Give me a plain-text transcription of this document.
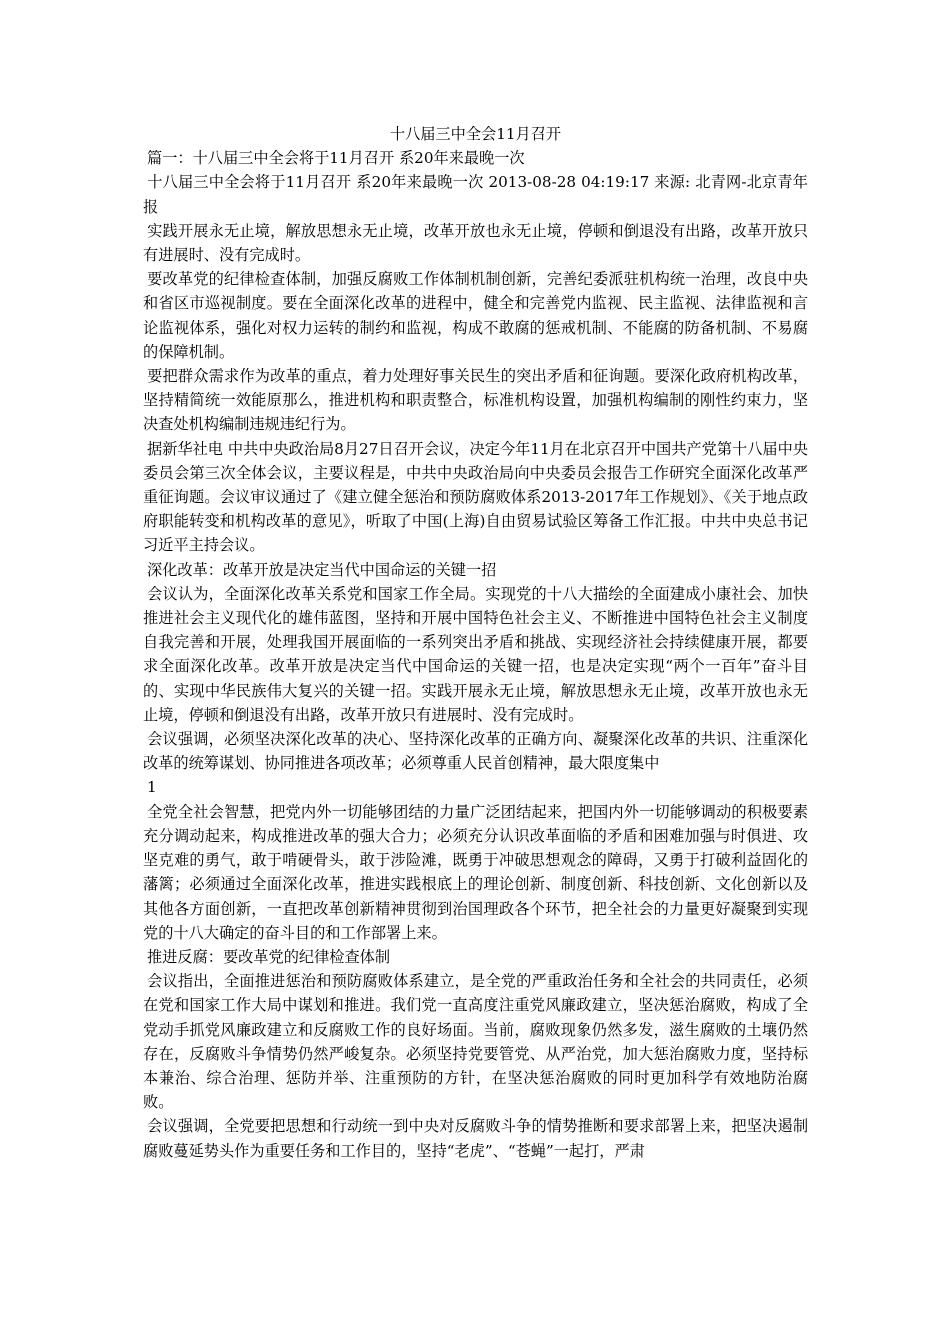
十八届三中全会11月召开

篇一：十八届三中全会将于11月召开 系20年来最晚一次

十八届三中全会将于11月召开 系20年来最晚一次 2013-08-28 04:19:17 来源: 北青网-北京青年报

实践开展永无止境，解放思想永无止境，改革开放也永无止境，停顿和倒退没有出路，改革开放只有进展时、没有完成时。

要改革党的纪律检查体制，加强反腐败工作体制机制创新，完善纪委派驻机构统一治理，改良中央和省区市巡视制度。要在全面深化改革的进程中，健全和完善党内监视、民主监视、法律监视和言论监视体系，强化对权力运转的制约和监视，构成不敢腐的惩戒机制、不能腐的防备机制、不易腐的保障机制。

要把群众需求作为改革的重点，着力处理好事关民生的突出矛盾和征询题。要深化政府机构改革，坚持精简统一效能原那么，推进机构和职责整合，标准机构设置，加强机构编制的刚性约束力，坚决查处机构编制违规违纪行为。

据新华社电 中共中央政治局8月27日召开会议，决定今年11月在北京召开中国共产党第十八届中央委员会第三次全体会议，主要议程是，中共中央政治局向中央委员会报告工作研究全面深化改革严重征询题。会议审议通过了《建立健全惩治和预防腐败体系2013-2017年工作规划》、《关于地点政府职能转变和机构改革的意见》，听取了中国(上海)自由贸易试验区筹备工作汇报。中共中央总书记习近平主持会议。

深化改革：改革开放是决定当代中国命运的关键一招

会议认为，全面深化改革关系党和国家工作全局。实现党的十八大描绘的全面建成小康社会、加快推进社会主义现代化的雄伟蓝图，坚持和开展中国特色社会主义、不断推进中国特色社会主义制度自我完善和开展，处理我国开展面临的一系列突出矛盾和挑战、实现经济社会持续健康开展，都要求全面深化改革。改革开放是决定当代中国命运的关键一招，也是决定实现“两个一百年”奋斗目的、实现中华民族伟大复兴的关键一招。实践开展永无止境，解放思想永无止境，改革开放也永无止境，停顿和倒退没有出路，改革开放只有进展时、没有完成时。

会议强调，必须坚决深化改革的决心、坚持深化改革的正确方向、凝聚深化改革的共识、注重深化改革的统筹谋划、协同推进各项改革；必须尊重人民首创精神，最大限度集中

1

全党全社会智慧，把党内外一切能够团结的力量广泛团结起来，把国内外一切能够调动的积极要素充分调动起来，构成推进改革的强大合力；必须充分认识改革面临的矛盾和困难加强与时俱进、攻坚克难的勇气，敢于啃硬骨头，敢于涉险滩，既勇于冲破思想观念的障碍，又勇于打破利益固化的藩篱；必须通过全面深化改革，推进实践根底上的理论创新、制度创新、科技创新、文化创新以及其他各方面创新，一直把改革创新精神贯彻到治国理政各个环节，把全社会的力量更好凝聚到实现党的十八大确定的奋斗目的和工作部署上来。

推进反腐：要改革党的纪律检查体制

会议指出，全面推进惩治和预防腐败体系建立，是全党的严重政治任务和全社会的共同责任，必须在党和国家工作大局中谋划和推进。我们党一直高度注重党风廉政建立，坚决惩治腐败，构成了全党动手抓党风廉政建立和反腐败工作的良好场面。当前，腐败现象仍然多发，滋生腐败的土壤仍然存在，反腐败斗争情势仍然严峻复杂。必须坚持党要管党、从严治党，加大惩治腐败力度，坚持标本兼治、综合治理、惩防并举、注重预防的方针，在坚决惩治腐败的同时更加科学有效地防治腐败。

会议强调，全党要把思想和行动统一到中央对反腐败斗争的情势推断和要求部署上来，把坚决遏制腐败蔓延势头作为重要任务和工作目的，坚持“老虎”、“苍蝇”一起打，严肃
